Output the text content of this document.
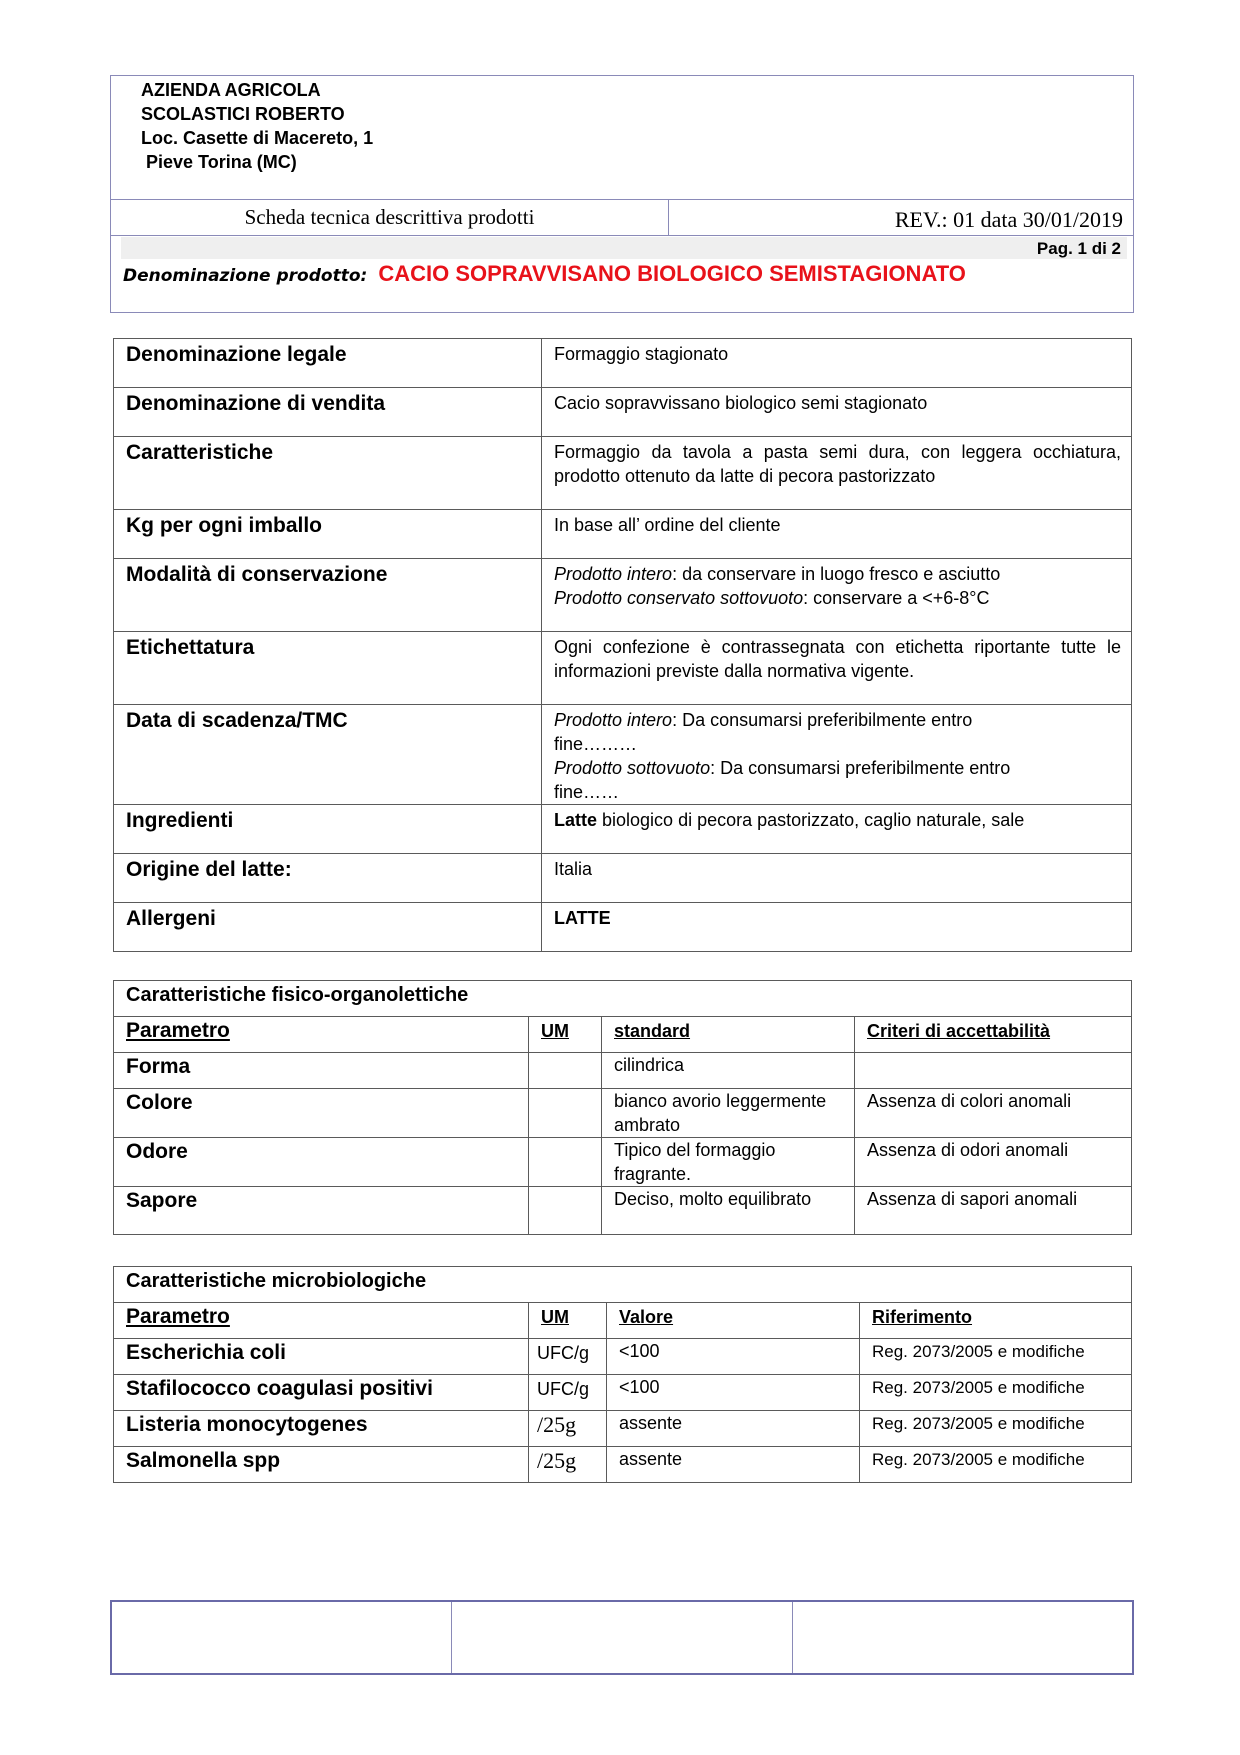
AZIENDA AGRICOLA
SCOLASTICI ROBERTO
Loc. Casette di Macereto, 1
Pieve Torina (MC)
Scheda tecnica descrittiva prodotti	REV.: 01 data 30/01/2019
Pag. 1 di 2
Denominazione prodotto: CACIO SOPRAVVISANO BIOLOGICO SEMISTAGIONATO
Denominazione legale	Formaggio stagionato
Denominazione di vendita	Cacio sopravvissano biologico semi stagionato
Caratteristiche	Formaggio da tavola a pasta semi dura, con leggera occhiatura, prodotto ottenuto da latte di pecora pastorizzato
Kg per ogni imballo	In base all’ ordine del cliente
Modalità di conservazione	Prodotto intero: da conservare in luogo fresco e asciutto
Prodotto conservato sottovuoto: conservare a <+6-8°C

Etichettatura	Ogni confezione è contrassegnata con etichetta riportante tutte le informazioni previste dalla normativa vigente.
Data di scadenza/TMC	Prodotto intero: Da consumarsi preferibilmente entro
fine………
Prodotto sottovuoto: Da consumarsi preferibilmente entro
fine……

Ingredienti	Latte biologico di pecora pastorizzato, caglio naturale, sale
Origine del latte:	Italia
Allergeni	LATTE
Caratteristiche fisico-organolettiche			
Parametro	UM	standard	Criteri di accettabilità
Forma		cilindrica	
Colore		bianco avorio leggermente ambrato	Assenza di colori anomali
Odore		Tipico del formaggio fragrante.	Assenza di odori anomali
Sapore		Deciso, molto equilibrato	Assenza di sapori anomali
Caratteristiche microbiologiche			
Parametro	UM	Valore	Riferimento
Escherichia coli	UFC/g	<100	Reg. 2073/2005 e modifiche
Stafilococco coagulasi positivi	UFC/g	<100	Reg. 2073/2005 e modifiche
Listeria monocytogenes	/25g	assente	Reg. 2073/2005 e modifiche
Salmonella spp	/25g	assente	Reg. 2073/2005 e modifiche
